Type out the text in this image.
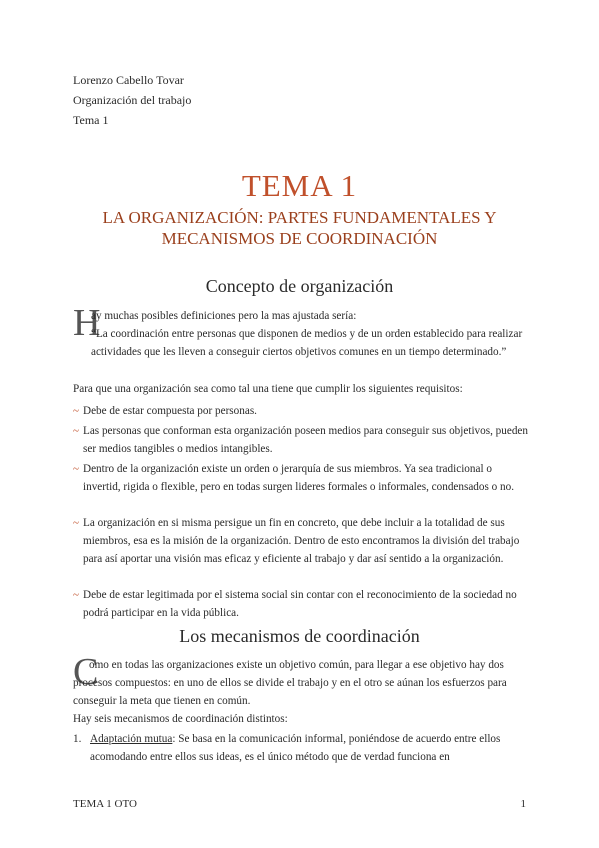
Lorenzo Cabello Tovar
Organización del trabajo
Tema 1
TEMA 1
LA ORGANIZACIÓN: PARTES FUNDAMENTALES Y MECANISMOS DE COORDINACIÓN
Concepto de organización
H
ay muchas posibles definiciones pero la mas ajustada sería:
“La coordinación entre personas que disponen de medios y de un orden establecido para realizar actividades que les lleven a conseguir ciertos objetivos comunes en un tiempo determinado.”
Para que una organización sea como tal una tiene que cumplir los siguientes requisitos:
~ Debe de estar compuesta por personas.
~ Las personas que conforman esta organización poseen medios para conseguir sus objetivos, pueden ser medios tangibles o medios intangibles.
~ Dentro de la organización existe un orden o jerarquía de sus miembros. Ya sea tradicional o invertid, rigida o flexible, pero en todas surgen lideres formales o informales, condensados o no.
~ La organización en si misma persigue un fin en concreto, que debe incluir a la totalidad de sus miembros, esa es la misión de la organización. Dentro de esto encontramos la división del trabajo para así aportar una visión mas eficaz y eficiente al trabajo y dar así sentido a la organización.
~ Debe de estar legitimada por el sistema social sin contar con el reconocimiento de la sociedad no podrá participar en la vida pública.
Los mecanismos de coordinación
C
omo en todas las organizaciones existe un objetivo común, para llegar a ese objetivo hay dos procesos compuestos: en uno de ellos se divide el trabajo y en el otro se aúnan los esfuerzos para conseguir la meta que tienen en común.
Hay seis mecanismos de coordinación distintos:
1. Adaptación mutua: Se basa en la comunicación informal, poniéndose de acuerdo entre ellos acomodando entre ellos sus ideas, es el único método que de verdad funciona en
TEMA 1 OTO	1
